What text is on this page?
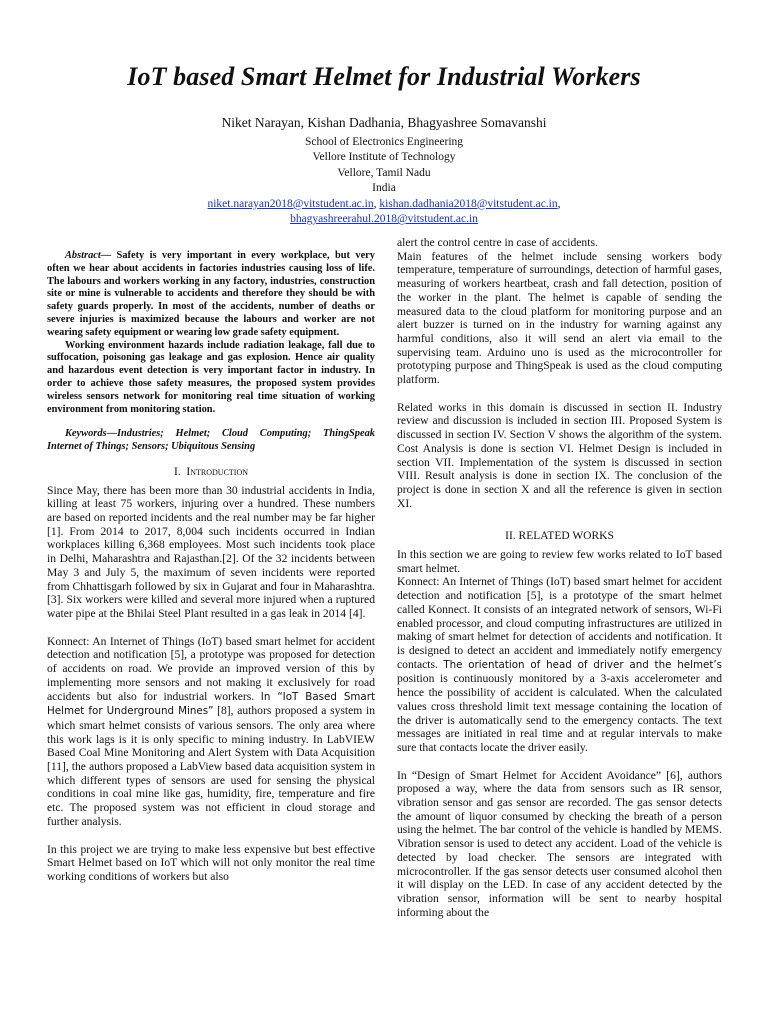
IoT based Smart Helmet for Industrial Workers
Niket Narayan, Kishan Dadhania, Bhagyashree Somavanshi
School of Electronics Engineering
Vellore Institute of Technology
Vellore, Tamil Nadu
India
niket.narayan2018@vitstudent.ac.in, kishan.dadhania2018@vitstudent.ac.in,
bhagyashreerahul.2018@vitstudent.ac.in

Abstract— Safety is very important in every workplace, but very often we hear about accidents in factories industries causing loss of life. The labours and workers working in any factory, industries, construction site or mine is vulnerable to accidents and therefore they should be with safety guards properly. In most of the accidents, number of deaths or severe injuries is maximized because the labours and worker are not wearing safety equipment or wearing low grade safety equipment.

Working environment hazards include radiation leakage, fall due to suffocation, poisoning gas leakage and gas explosion. Hence air quality and hazardous event detection is very important factor in industry. In order to achieve those safety measures, the proposed system provides wireless sensors network for monitoring real time situation of working environment from monitoring station.

Keywords—Industries; Helmet; Cloud Computing; ThingSpeak Internet of Things; Sensors; Ubiquitous Sensing

I. Introduction

Since May, there has been more than 30 industrial accidents in India, killing at least 75 workers, injuring over a hundred. These numbers are based on reported incidents and the real number may be far higher [1]. From 2014 to 2017, 8,004 such incidents occurred in Indian workplaces killing 6,368 employees. Most such incidents took place in Delhi, Maharashtra and Rajasthan.[2]. Of the 32 incidents between May 3 and July 5, the maximum of seven incidents were reported from Chhattisgarh followed by six in Gujarat and four in Maharashtra.[3]. Six workers were killed and several more injured when a ruptured water pipe at the Bhilai Steel Plant resulted in a gas leak in 2014 [4].

Konnect: An Internet of Things (IoT) based smart helmet for accident detection and notification [5], a prototype was proposed for detection of accidents on road. We provide an improved version of this by implementing more sensors and not making it exclusively for road accidents but also for industrial workers. In “IoT Based Smart Helmet for Underground Mines” [8], authors proposed a system in which smart helmet consists of various sensors. The only area where this work lags is it is only specific to mining industry. In LabVIEW Based Coal Mine Monitoring and Alert System with Data Acquisition [11], the authors proposed a LabView based data acquisition system in which different types of sensors are used for sensing the physical conditions in coal mine like gas, humidity, fire, temperature and fire etc. The proposed system was not efficient in cloud storage and further analysis.

In this project we are trying to make less expensive but best effective Smart Helmet based on IoT which will not only monitor the real time working conditions of workers but also

alert the control centre in case of accidents.

Main features of the helmet include sensing workers body temperature, temperature of surroundings, detection of harmful gases, measuring of workers heartbeat, crash and fall detection, position of the worker in the plant. The helmet is capable of sending the measured data to the cloud platform for monitoring purpose and an alert buzzer is turned on in the industry for warning against any harmful conditions, also it will send an alert via email to the supervising team. Arduino uno is used as the microcontroller for prototyping purpose and ThingSpeak is used as the cloud computing platform.

Related works in this domain is discussed in section II. Industry review and discussion is included in section III. Proposed System is discussed in section IV. Section V shows the algorithm of the system. Cost Analysis is done is section VI. Helmet Design is included in section VII. Implementation of the system is discussed in section VIII. Result analysis is done in section IX. The conclusion of the project is done in section X and all the reference is given in section XI.

II. RELATED WORKS

In this section we are going to review few works related to IoT based smart helmet.

Konnect: An Internet of Things (IoT) based smart helmet for accident detection and notification [5], is a prototype of the smart helmet called Konnect. It consists of an integrated network of sensors, Wi-Fi enabled processor, and cloud computing infrastructures are utilized in making of smart helmet for detection of accidents and notification. It is designed to detect an accident and immediately notify emergency contacts. The orientation of head of driver and the helmet’s position is continuously monitored by a 3-axis accelerometer and hence the possibility of accident is calculated. When the calculated values cross threshold limit text message containing the location of the driver is automatically send to the emergency contacts. The text messages are initiated in real time and at regular intervals to make sure that contacts locate the driver easily.

In “Design of Smart Helmet for Accident Avoidance” [6], authors proposed a way, where the data from sensors such as IR sensor, vibration sensor and gas sensor are recorded. The gas sensor detects the amount of liquor consumed by checking the breath of a person using the helmet. The bar control of the vehicle is handled by MEMS. Vibration sensor is used to detect any accident. Load of the vehicle is detected by load checker. The sensors are integrated with microcontroller. If the gas sensor detects user consumed alcohol then it will display on the LED. In case of any accident detected by the vibration sensor, information will be sent to nearby hospital informing about the
